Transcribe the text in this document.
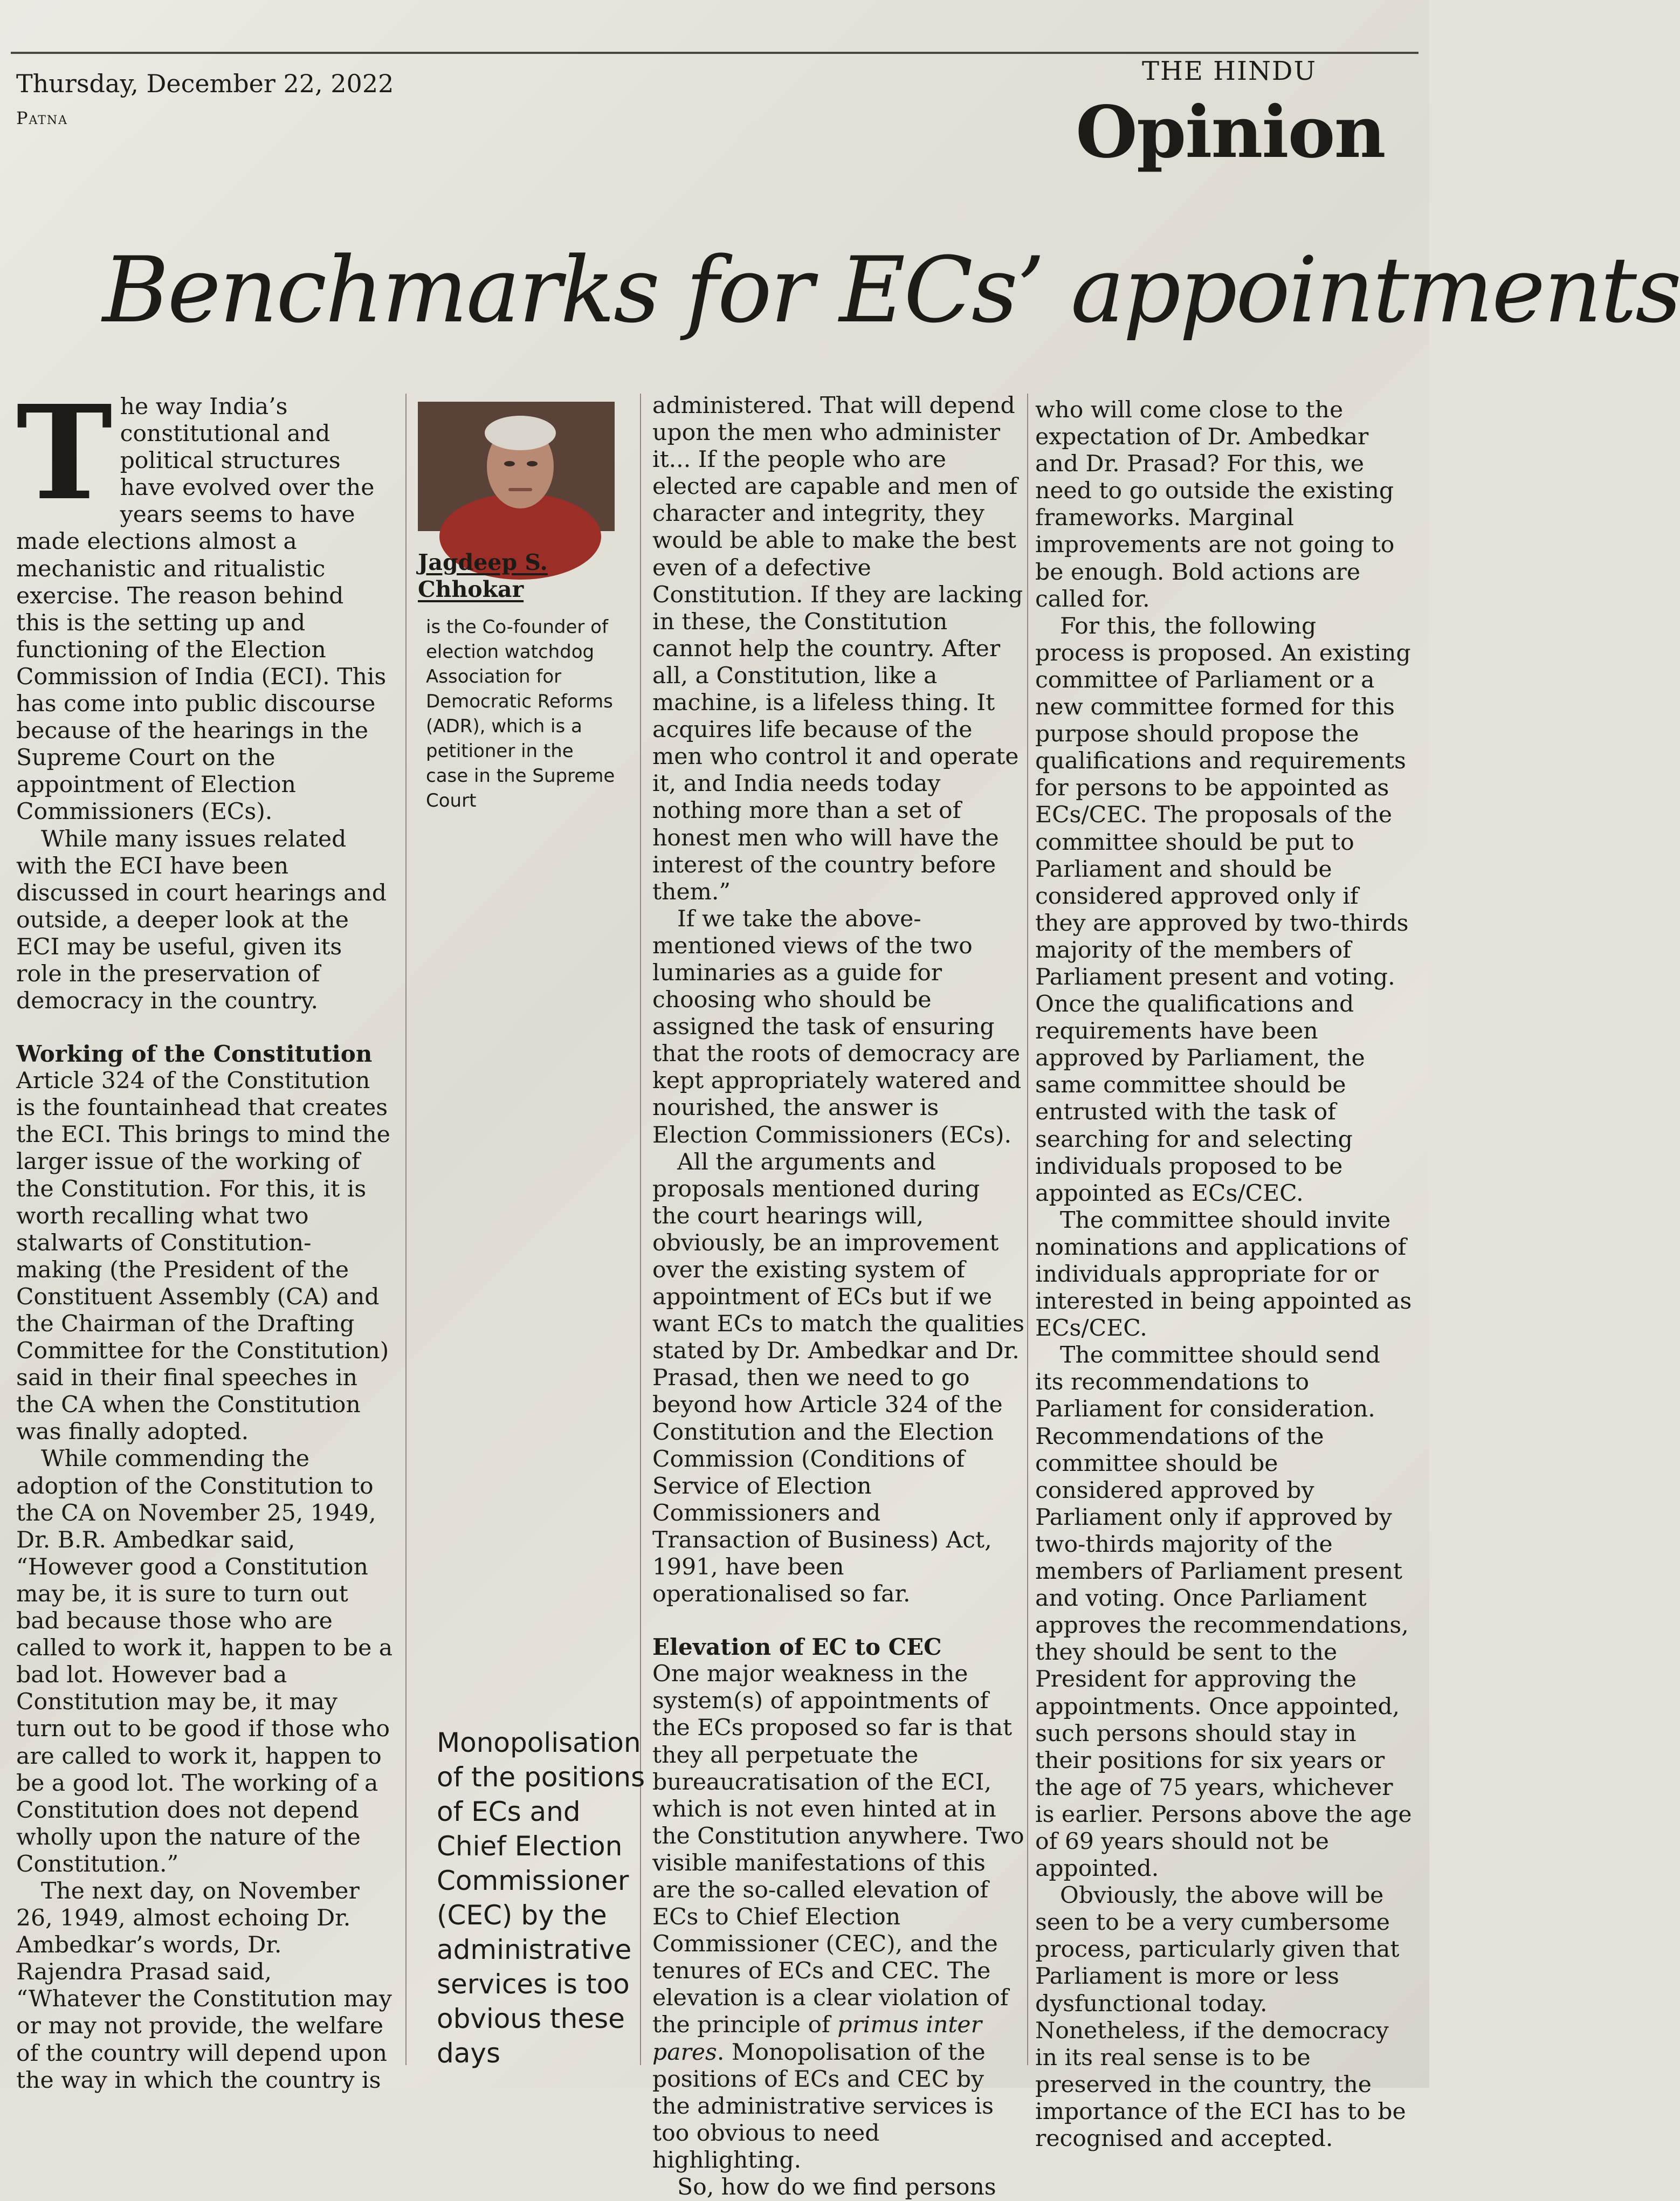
Thursday, December 22, 2022
Patna
THE HINDU
Opinion
Benchmarks for ECs’ appointments

The way India’s constitutional and political structures have evolved over the years seems to have made elections almost a mechanistic and ritualistic exercise. The reason behind this is the setting up and functioning of the Election Commission of India (ECI). This has come into public discourse because of the hearings in the Supreme Court on the appointment of Election Commissioners (ECs).

While many issues related with the ECI have been discussed in court hearings and outside, a deeper look at the ECI may be useful, given its role in the preservation of democracy in the country.

Working of the Constitution

Article 324 of the Constitution is the fountainhead that creates the ECI. This brings to mind the larger issue of the working of the Constitution. For this, it is worth recalling what two stalwarts of Constitution-making (the President of the Constituent Assembly (CA) and the Chairman of the Drafting Committee for the Constitution) said in their final speeches in the CA when the Constitution was finally adopted.

While commending the adoption of the Constitution to the CA on November 25, 1949, Dr. B.R. Ambedkar said, “However good a Constitution may be, it is sure to turn out bad because those who are called to work it, happen to be a bad lot. However bad a Constitution may be, it may turn out to be good if those who are called to work it, happen to be a good lot. The working of a Constitution does not depend wholly upon the nature of the Constitution.”

The next day, on November 26, 1949, almost echoing Dr. Ambedkar’s words, Dr. Rajendra Prasad said, “Whatever the Constitution may or may not provide, the welfare of the country will depend upon the way in which the country is

Jagdeep S. Chhokar
is the Co-founder of election watchdog Association for Democratic Reforms (ADR), which is a petitioner in the case in the Supreme Court
Monopolisation of the positions of ECs and Chief Election Commissioner (CEC) by the administrative services is too obvious these days

administered. That will depend upon the men who administer it... If the people who are elected are capable and men of character and integrity, they would be able to make the best even of a defective Constitution. If they are lacking in these, the Constitution cannot help the country. After all, a Constitution, like a machine, is a lifeless thing. It acquires life because of the men who control it and operate it, and India needs today nothing more than a set of honest men who will have the interest of the country before them.”

If we take the above-mentioned views of the two luminaries as a guide for choosing who should be assigned the task of ensuring that the roots of democracy are kept appropriately watered and nourished, the answer is Election Commissioners (ECs).

All the arguments and proposals mentioned during the court hearings will, obviously, be an improvement over the existing system of appointment of ECs but if we want ECs to match the qualities stated by Dr. Ambedkar and Dr. Prasad, then we need to go beyond how Article 324 of the Constitution and the Election Commission (Conditions of Service of Election Commissioners and Transaction of Business) Act, 1991, have been operationalised so far.

Elevation of EC to CEC

One major weakness in the system(s) of appointments of the ECs proposed so far is that they all perpetuate the bureaucratisation of the ECI, which is not even hinted at in the Constitution anywhere. Two visible manifestations of this are the so-called elevation of ECs to Chief Election Commissioner (CEC), and the tenures of ECs and CEC. The elevation is a clear violation of the principle of primus inter pares. Monopolisation of the positions of ECs and CEC by the administrative services is too obvious to need highlighting.

So, how do we find persons

who will come close to the expectation of Dr. Ambedkar and Dr. Prasad? For this, we need to go outside the existing frameworks. Marginal improvements are not going to be enough. Bold actions are called for.

For this, the following process is proposed. An existing committee of Parliament or a new committee formed for this purpose should propose the qualifications and requirements for persons to be appointed as ECs/CEC. The proposals of the committee should be put to Parliament and should be considered approved only if they are approved by two-thirds majority of the members of Parliament present and voting. Once the qualifications and requirements have been approved by Parliament, the same committee should be entrusted with the task of searching for and selecting individuals proposed to be appointed as ECs/CEC.

The committee should invite nominations and applications of individuals appropriate for or interested in being appointed as ECs/CEC.

The committee should send its recommendations to Parliament for consideration. Recommendations of the committee should be considered approved by Parliament only if approved by two-thirds majority of the members of Parliament present and voting. Once Parliament approves the recommendations, they should be sent to the President for approving the appointments. Once appointed, such persons should stay in their positions for six years or the age of 75 years, whichever is earlier. Persons above the age of 69 years should not be appointed.

Obviously, the above will be seen to be a very cumbersome process, particularly given that Parliament is more or less dysfunctional today. Nonetheless, if the democracy in its real sense is to be preserved in the country, the importance of the ECI has to be recognised and accepted.
